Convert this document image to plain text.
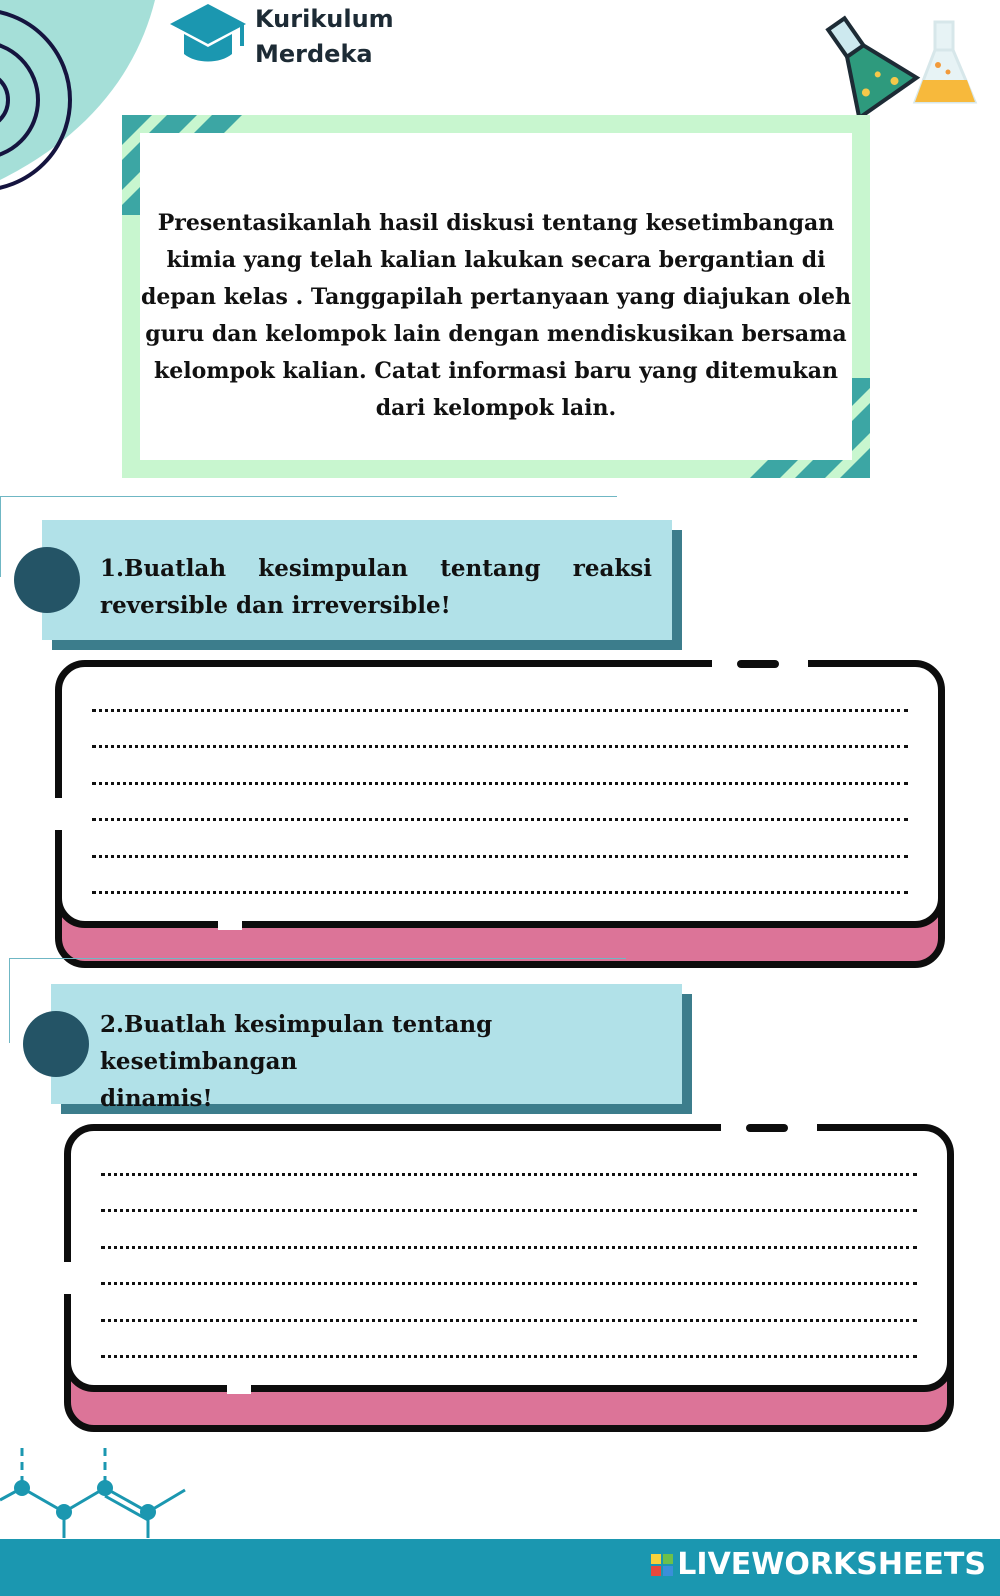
Kurikulum
Merdeka
Presentasikanlah hasil diskusi tentang kesetimbangan
kimia yang telah kalian lakukan secara bergantian di
depan kelas . Tanggapilah pertanyaan yang diajukan oleh
guru dan kelompok lain dengan mendiskusikan bersama
kelompok kalian. Catat informasi baru yang ditemukan
dari kelompok lain.
1.Buatlah kesimpulan tentang reaksi
reversible dan irreversible!
2.Buatlah kesimpulan tentang kesetimbangan
dinamis!
LIVEWORKSHEETS
